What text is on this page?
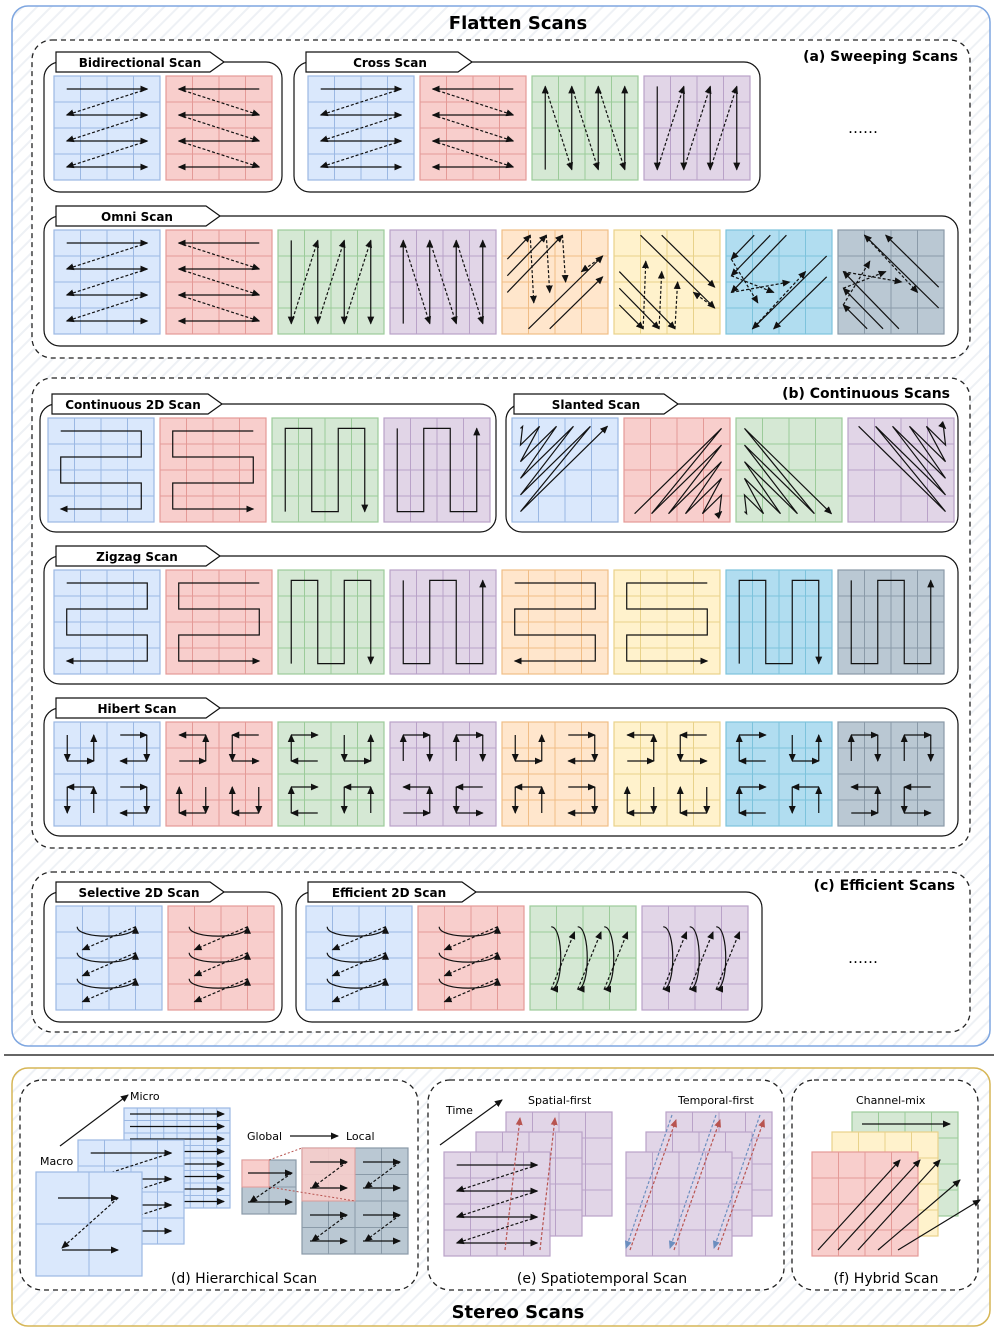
Flatten Scans
Stereo Scans
(a) Sweeping Scans
(b) Continuous Scans
(c) Efficient Scans
Bidirectional Scan	Cross Scan
Omni Scan
Continuous 2D Scan	Slanted Scan
Zigzag Scan
Hibert Scan
Selective 2D Scan	Efficient 2D Scan
……
……
(d) Hierarchical Scan	(e) Spatiotemporal Scan	(f) Hybrid Scan
Micro
Macro
Global	Local
Time
Spatial-first	Temporal-first	Channel-mix
